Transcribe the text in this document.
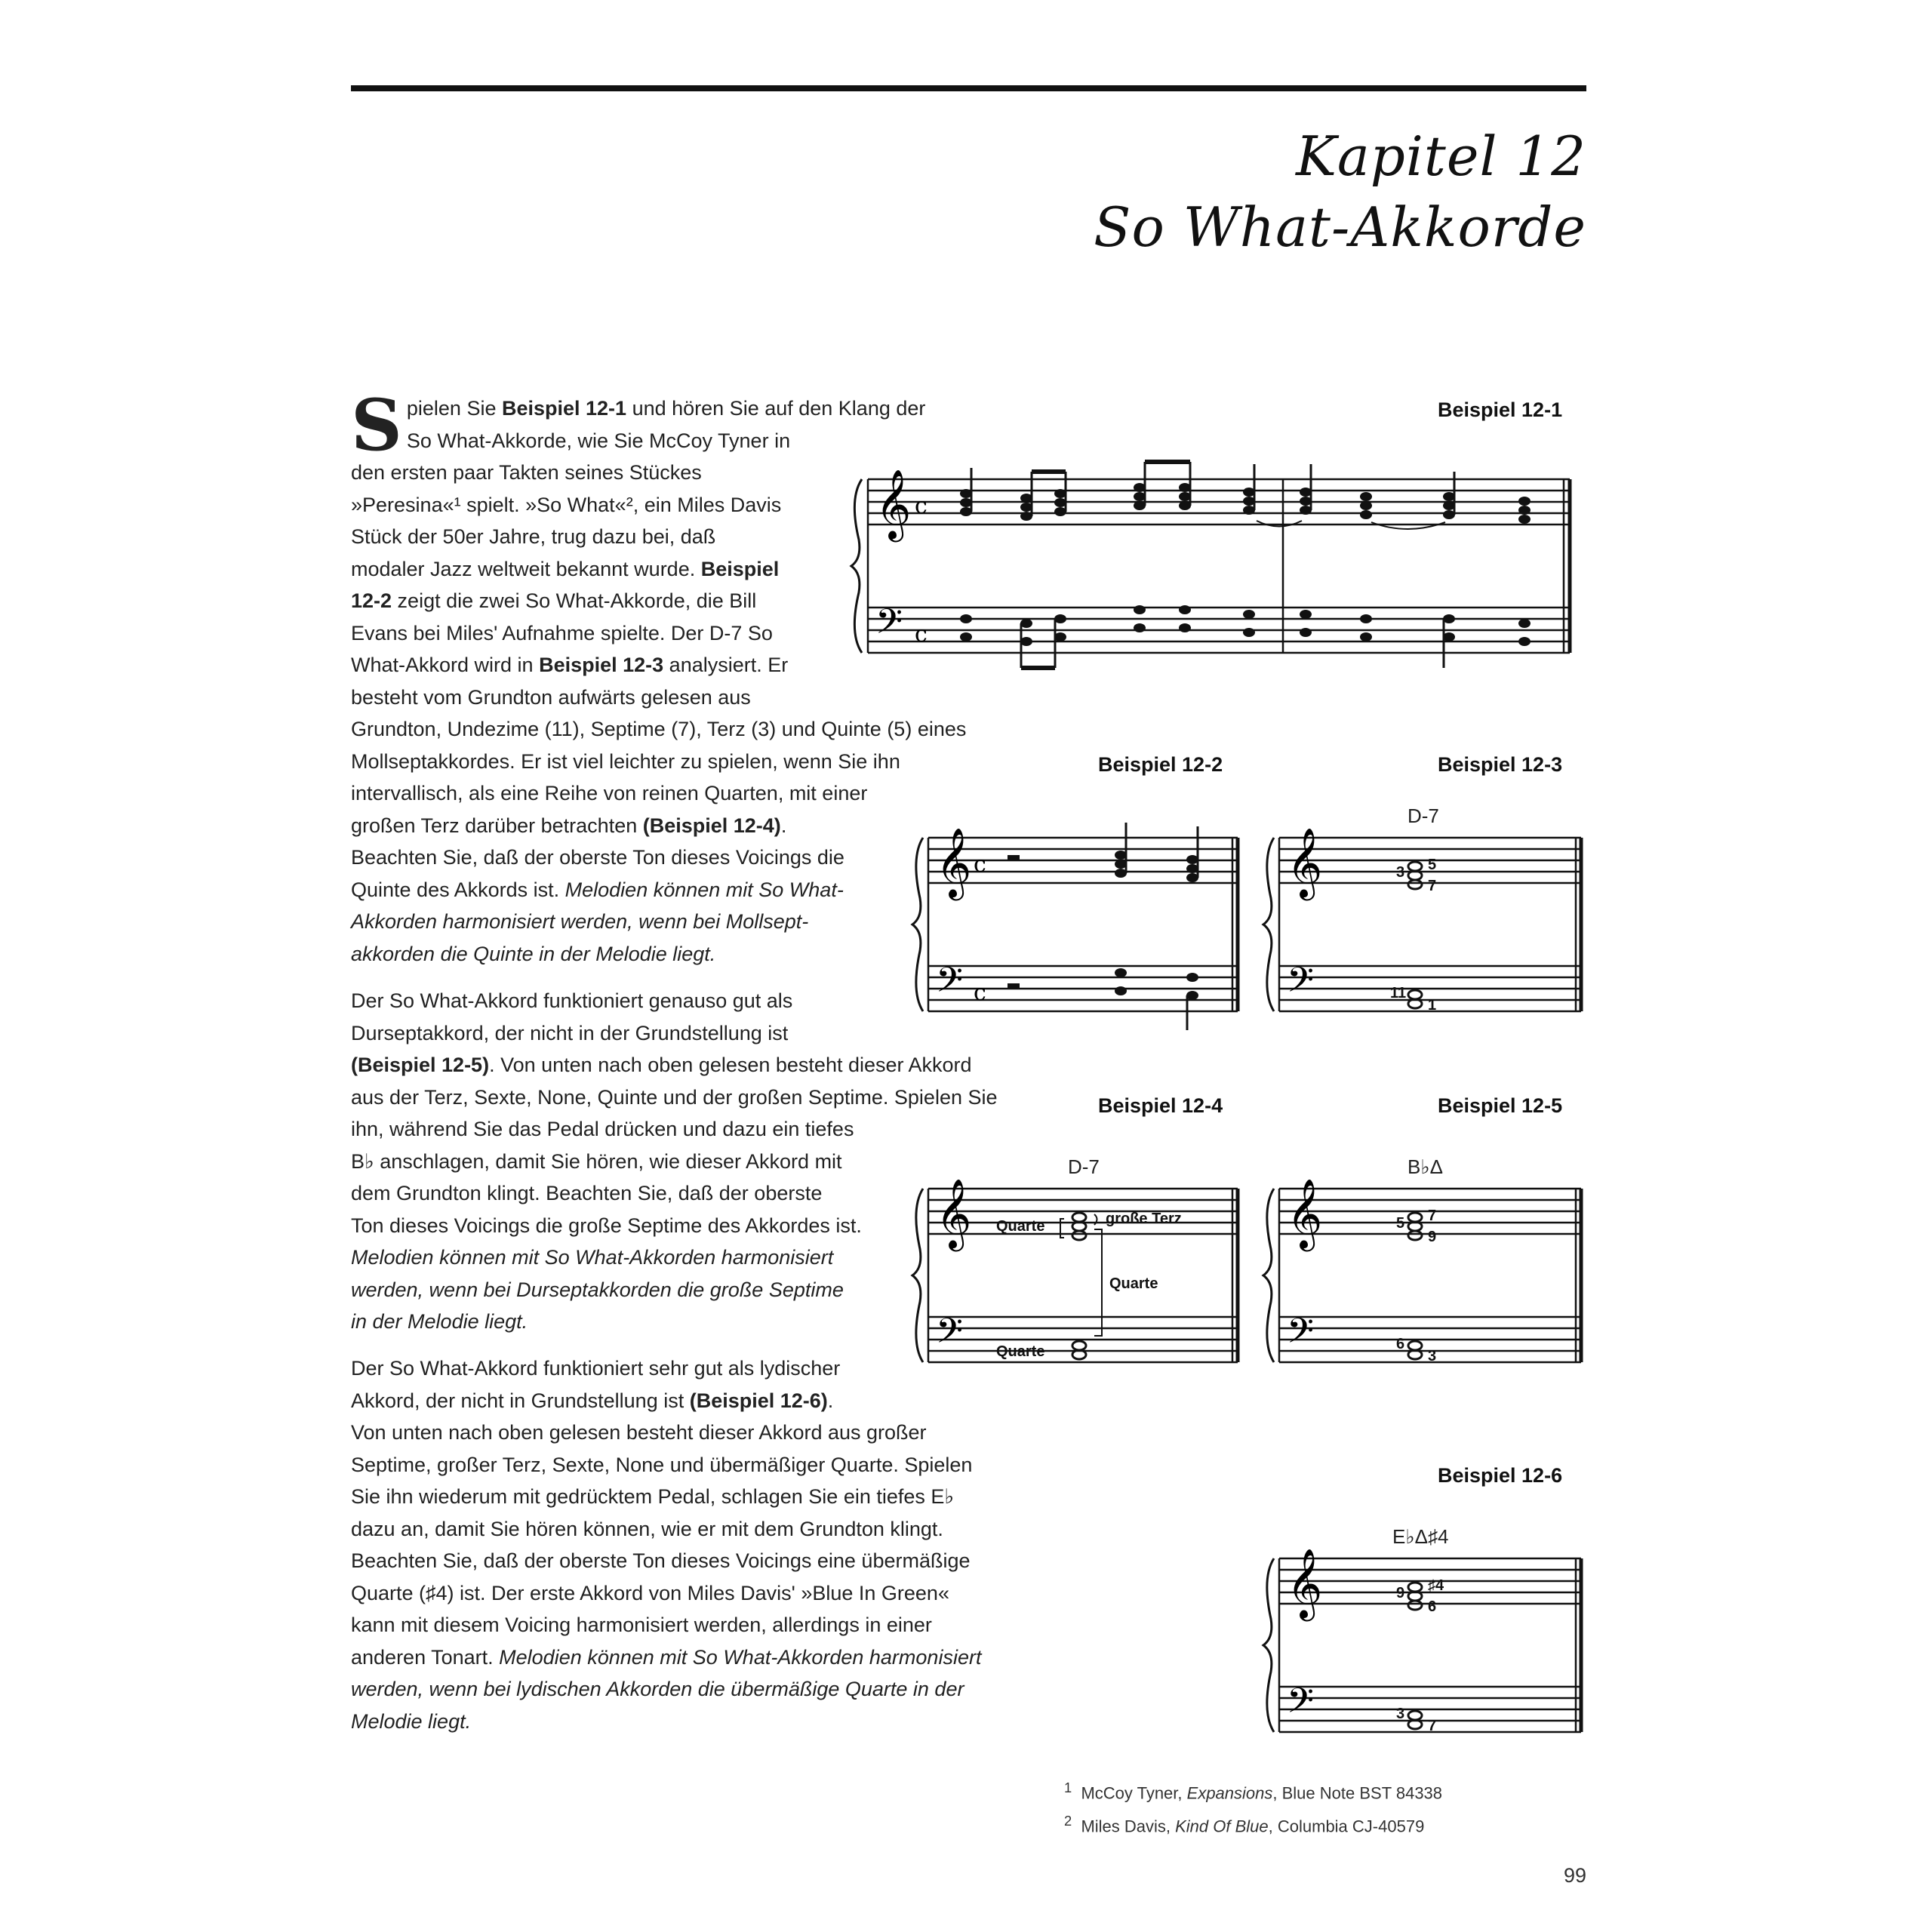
Kapitel 12
So What-Akkorde

Spielen Sie Beispiel 12-1 und hören Sie auf den Klang der
So What-Akkorde, wie Sie McCoy Tyner in
den ersten paar Takten seines Stückes
»Peresina«¹ spielt. »So What«², ein Miles Davis
Stück der 50er Jahre, trug dazu bei, daß
modaler Jazz weltweit bekannt wurde. Beispiel
12-2 zeigt die zwei So What-Akkorde, die Bill
Evans bei Miles' Aufnahme spielte. Der D-7 So
What-Akkord wird in Beispiel 12-3 analysiert. Er
besteht vom Grundton aufwärts gelesen aus
Grundton, Undezime (11), Septime (7), Terz (3) und Quinte (5) eines
Mollseptakkordes. Er ist viel leichter zu spielen, wenn Sie ihn
intervallisch, als eine Reihe von reinen Quarten, mit einer
großen Terz darüber betrachten (Beispiel 12-4).
Beachten Sie, daß der oberste Ton dieses Voicings die
Quinte des Akkords ist. Melodien können mit So What-
Akkorden harmonisiert werden, wenn bei Mollsept-
akkorden die Quinte in der Melodie liegt.

Der So What-Akkord funktioniert genauso gut als
Durseptakkord, der nicht in der Grundstellung ist
(Beispiel 12-5). Von unten nach oben gelesen besteht dieser Akkord
aus der Terz, Sexte, None, Quinte und der großen Septime. Spielen Sie
ihn, während Sie das Pedal drücken und dazu ein tiefes
B♭ anschlagen, damit Sie hören, wie dieser Akkord mit
dem Grundton klingt. Beachten Sie, daß der oberste
Ton dieses Voicings die große Septime des Akkordes ist.
Melodien können mit So What-Akkorden harmonisiert
werden, wenn bei Durseptakkorden die große Septime
in der Melodie liegt.
Der So What-Akkord funktioniert sehr gut als lydischer
Akkord, der nicht in Grundstellung ist (Beispiel 12-6).
Von unten nach oben gelesen besteht dieser Akkord aus großer
Septime, großer Terz, Sexte, None und übermäßiger Quarte. Spielen
Sie ihn wiederum mit gedrücktem Pedal, schlagen Sie ein tiefes E♭
dazu an, damit Sie hören können, wie er mit dem Grundton klingt.
Beachten Sie, daß der oberste Ton dieses Voicings eine übermäßige
Quarte (♯4) ist. Der erste Akkord von Miles Davis' »Blue In Green«
kann mit diesem Voicing harmonisiert werden, allerdings in einer
anderen Tonart. Melodien können mit So What-Akkorden harmonisiert
werden, wenn bei lydischen Akkorden die übermäßige Quarte in der
Melodie liegt.
Beispiel 12-1
Beispiel 12-2	Beispiel 12-3
Beispiel 12-4	Beispiel 12-5
Beispiel 12-6
𝄞
𝄢
c
c
𝄞
𝄢
c
c
D-7
𝄞
𝄢
3 5
7
11
1
D-7
𝄞
𝄢
Quarte	große Terz
Quarte
Quarte
B♭Δ
𝄞
𝄢
5 7
9
6
3
E♭Δ♯4
𝄞
𝄢
9 ♯4
6
3
7
$^1$ McCoy Tyner, Expansions, Blue Note BST 84338
$^2$ Miles Davis, Kind Of Blue, Columbia CJ-40579
99
